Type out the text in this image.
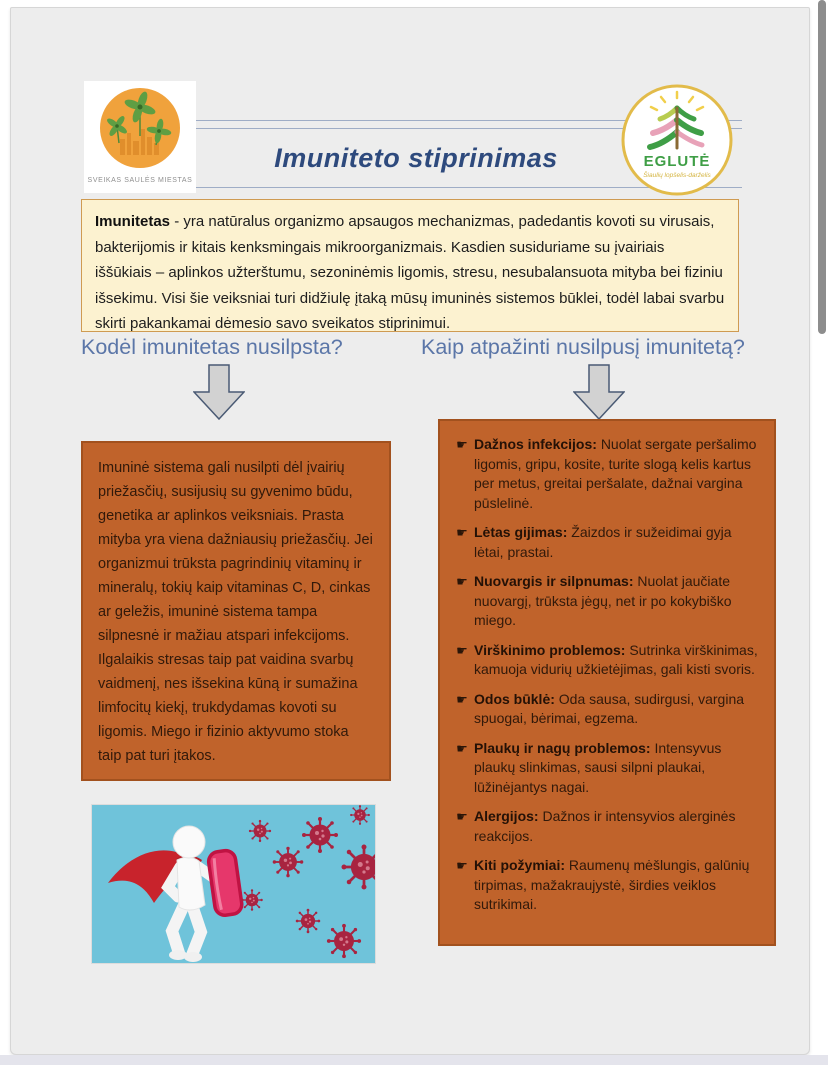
SVEIKAS SAULĖS MIESTAS
Imuniteto stiprinimas	EGLUTĖ
Šiaulių lopšelis-darželis
Imunitetas - yra natūralus organizmo apsaugos mechanizmas, padedantis kovoti su virusais, bakterijomis ir kitais kenksmingais mikroorganizmais. Kasdien susiduriame su įvairiais iššūkiais – aplinkos užterštumu, sezoninėmis ligomis, stresu, nesubalansuota mityba bei fiziniu išsekimu. Visi šie veiksniai turi didžiulę įtaką mūsų imuninės sistemos būklei, todėl labai svarbu skirti pakankamai dėmesio savo sveikatos stiprinimui.
Kodėl imunitetas nusilpsta?	Kaip atpažinti nusilpusį imunitetą?
Imuninė sistema gali nusilpti dėl įvairių priežasčių, susijusių su gyvenimo būdu, genetika ar aplinkos veiksniais. Prasta mityba yra viena dažniausių priežasčių. Jei organizmui trūksta pagrindinių vitaminų ir mineralų, tokių kaip vitaminas C, D, cinkas ar geležis, imuninė sistema tampa silpnesnė ir mažiau atspari infekcijoms. Ilgalaikis stresas taip pat vaidina svarbų vaidmenį, nes išsekina kūną ir sumažina limfocitų kiekį, trukdydamas kovoti su ligomis. Miego ir fizinio aktyvumo stoka taip pat turi įtakos.
☛ Dažnos infekcijos: Nuolat sergate peršalimo ligomis, gripu, kosite, turite slogą kelis kartus per metus, greitai peršalate, dažnai vargina pūslelinė.

☛ Lėtas gijimas: Žaizdos ir sužeidimai gyja lėtai, prastai.

☛ Nuovargis ir silpnumas: Nuolat jaučiate nuovargį, trūksta jėgų, net ir po kokybiško miego.

☛ Virškinimo problemos: Sutrinka virškinimas, kamuoja vidurių užkietėjimas, gali kisti svoris.

☛ Odos būklė: Oda sausa, sudirgusi, vargina spuogai, bėrimai, egzema.

☛ Plaukų ir nagų problemos: Intensyvus plaukų slinkimas, sausi silpni plaukai, lūžinėjantys nagai.

☛ Alergijos: Dažnos ir intensyvios alerginės reakcijos.

☛ Kiti požymiai: Raumenų mėšlungis, galūnių tirpimas, mažakraujystė, širdies veiklos sutrikimai.
